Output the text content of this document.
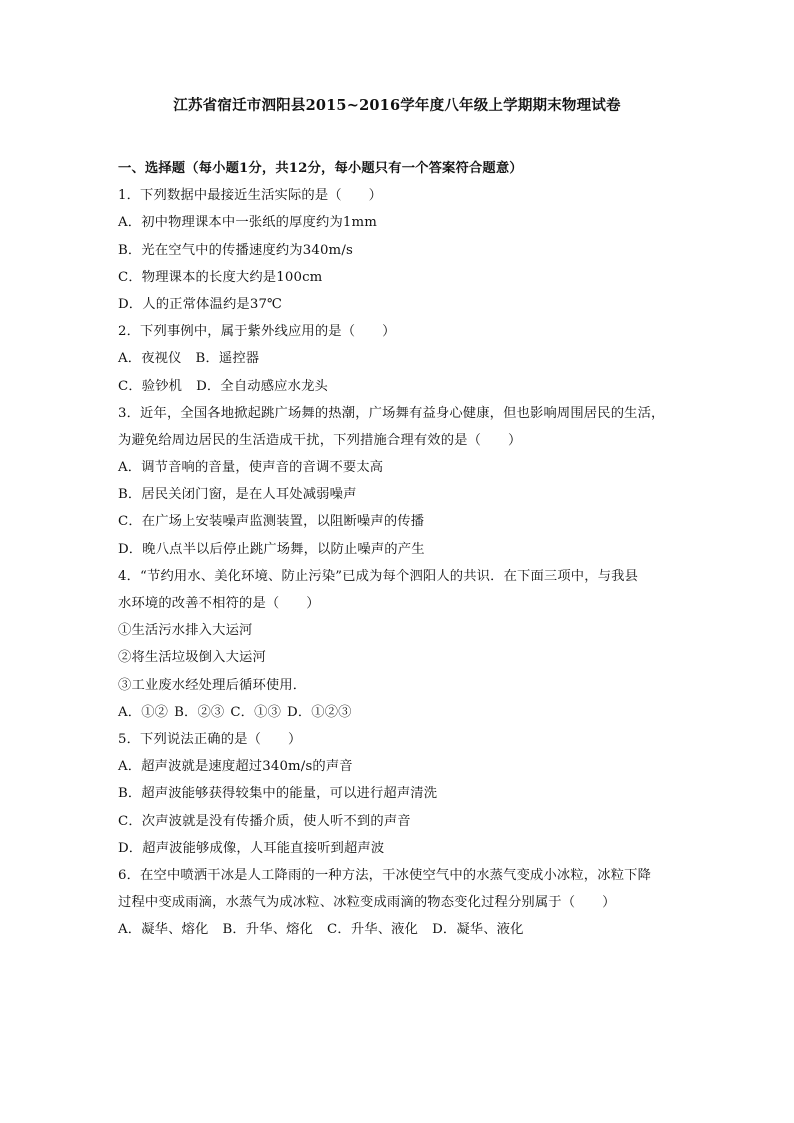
江苏省宿迁市泗阳县2015~2016学年度八年级上学期期末物理试卷
一、选择题（每小题1分，共12分，每小题只有一个答案符合题意）
1．下列数据中最接近生活实际的是（　　）
A．初中物理课本中一张纸的厚度约为1mm
B．光在空气中的传播速度约为340m/s
C．物理课本的长度大约是100cm
D．人的正常体温约是37℃
2．下列事例中，属于紫外线应用的是（　　）
A．夜视仪 B．遥控器
C．验钞机 D．全自动感应水龙头
3．近年，全国各地掀起跳广场舞的热潮，广场舞有益身心健康，但也影响周围居民的生活，
为避免给周边居民的生活造成干扰，下列措施合理有效的是（　　）
A．调节音响的音量，使声音的音调不要太高
B．居民关闭门窗，是在人耳处减弱噪声
C．在广场上安装噪声监测装置，以阻断噪声的传播
D．晚八点半以后停止跳广场舞，以防止噪声的产生
4．“节约用水、美化环境、防止污染”已成为每个泗阳人的共识．在下面三项中，与我县
水环境的改善不相符的是（　　）
①生活污水排入大运河
②将生活垃圾倒入大运河
③工业废水经处理后循环使用．
A．①② B．②③ C．①③ D．①②③
5．下列说法正确的是（　　）
A．超声波就是速度超过340m/s的声音
B．超声波能够获得较集中的能量，可以进行超声清洗
C．次声波就是没有传播介质，使人听不到的声音
D．超声波能够成像，人耳能直接听到超声波
6．在空中喷洒干冰是人工降雨的一种方法，干冰使空气中的水蒸气变成小冰粒，冰粒下降
过程中变成雨滴，水蒸气为成冰粒、冰粒变成雨滴的物态变化过程分别属于（　　）
A．凝华、熔化 B．升华、熔化 C．升华、液化 D．凝华、液化
